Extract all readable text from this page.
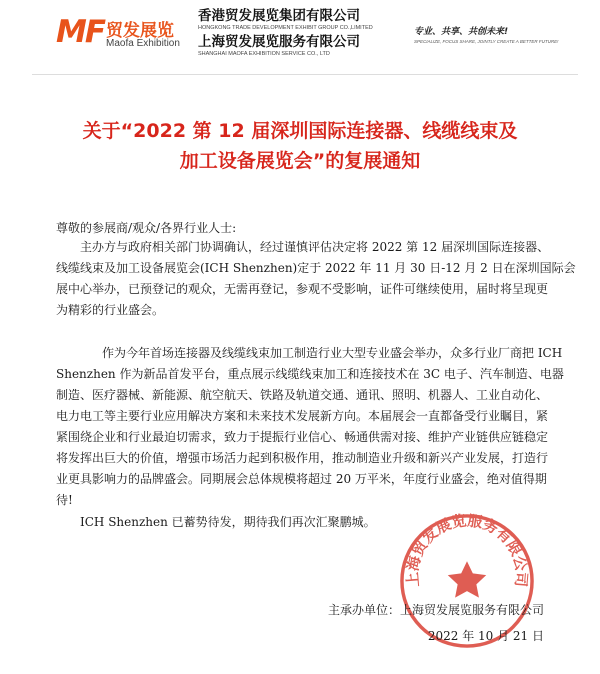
MF 贸发展览
Maofa Exhibition
香港贸发展览集团有限公司
HONGKONG TRADE DEVELOPMENT EXHIBIT GROUP CO.,LIMITED
上海贸发展览服务有限公司
SHANGHAI MAOFA EXHIBITION SERVICE CO., LTD
专业、共享、共创未来!
SPECIALIZE, FOCUS SHARE, JOINTLY CREATE A BETTER FUTURE!
关于“2022 第 12 届深圳国际连接器、线缆线束及
加工设备展览会”的复展通知
尊敬的参展商/观众/各界行业人士:
主办方与政府相关部门协调确认，经过谨慎评估决定将 2022 第 12 届深圳国际连接器、
线缆线束及加工设备展览会(ICH Shenzhen)定于 2022 年 11 月 30 日-12 月 2 日在深圳国际会
展中心举办，已预登记的观众，无需再登记，参观不受影响，证件可继续使用，届时将呈现更
为精彩的行业盛会。
作为今年首场连接器及线缆线束加工制造行业大型专业盛会举办，众多行业厂商把 ICH
Shenzhen 作为新品首发平台，重点展示线缆线束加工和连接技术在 3C 电子、汽车制造、电器
制造、医疗器械、新能源、航空航天、铁路及轨道交通、通讯、照明、机器人、工业自动化、
电力电工等主要行业应用解决方案和未来技术发展新方向。本届展会一直都备受行业瞩目，紧
紧围绕企业和行业最迫切需求，致力于提振行业信心、畅通供需对接、维护产业链供应链稳定
将发挥出巨大的价值，增强市场活力起到积极作用，推动制造业升级和新兴产业发展，打造行
业更具影响力的品牌盛会。同期展会总体规模将超过 20 万平米，年度行业盛会，绝对值得期
待!
ICH Shenzhen 已蓄势待发，期待我们再次汇聚鹏城。
上海贸发展览服务有限公司
主承办单位：上海贸发展览服务有限公司
2022 年 10 月 21 日
